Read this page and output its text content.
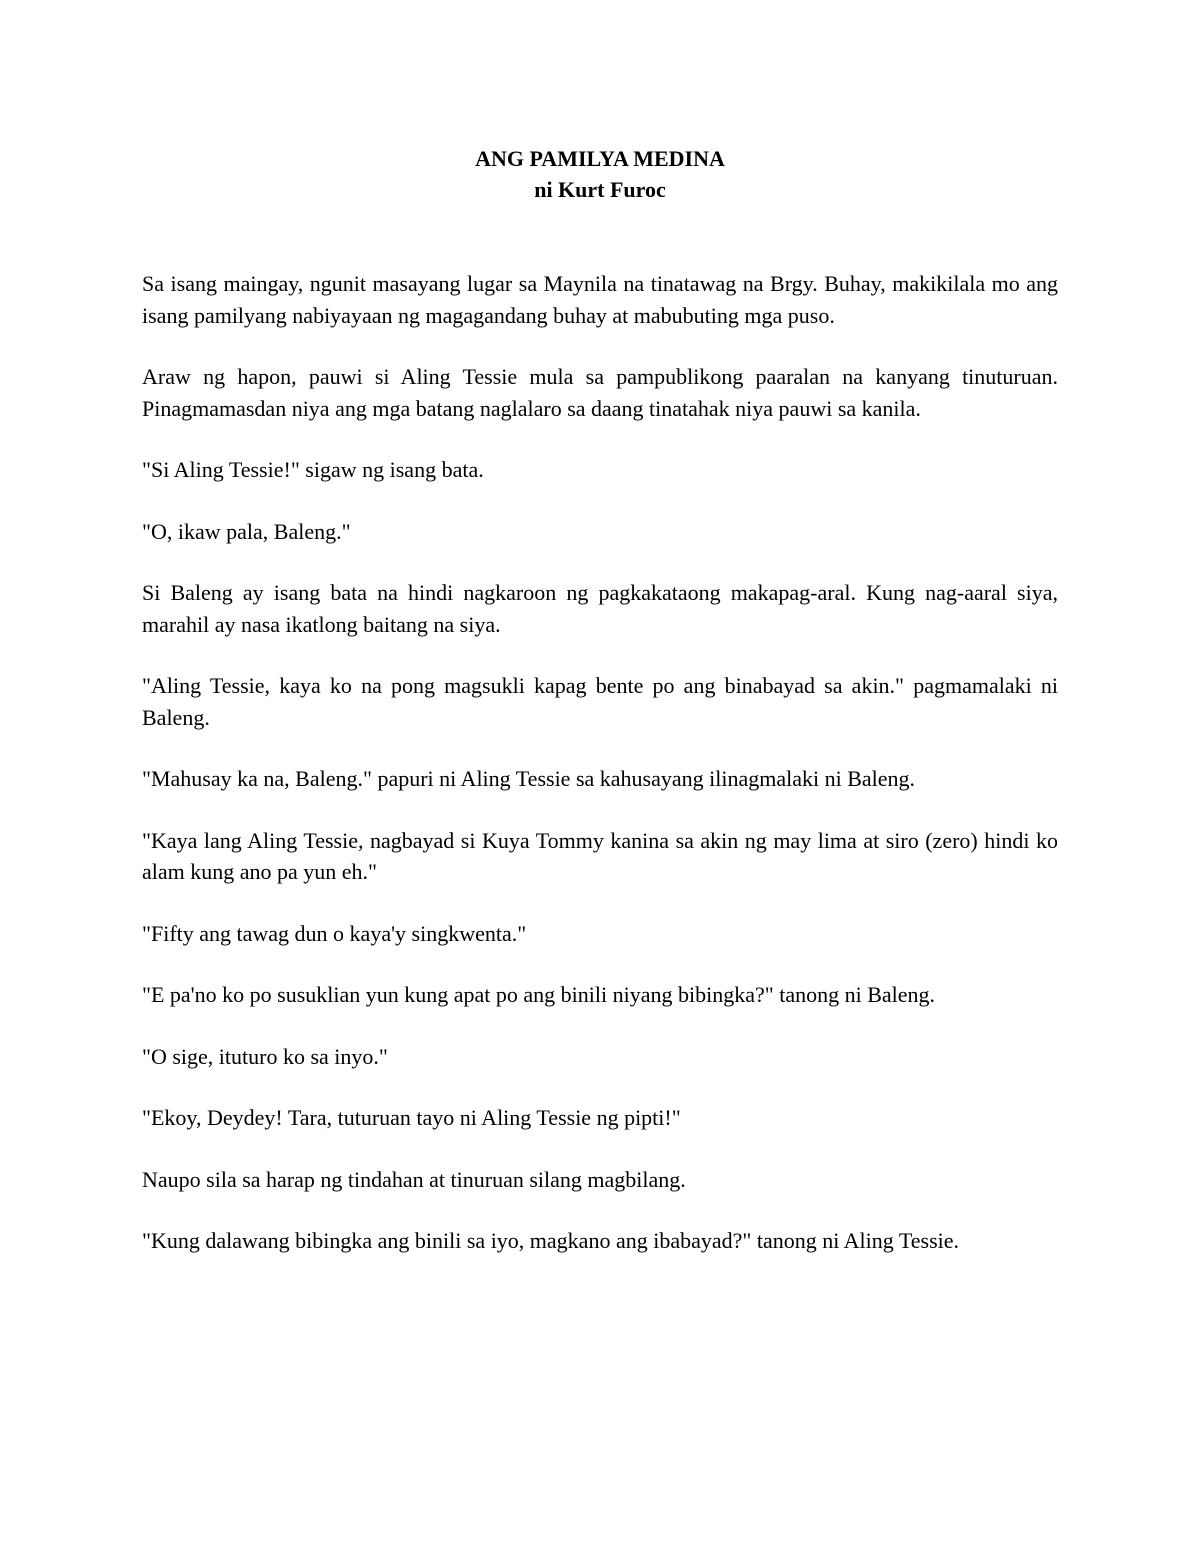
ANG PAMILYA MEDINA
ni Kurt Furoc

Sa isang maingay, ngunit masayang lugar sa Maynila na tinatawag na Brgy. Buhay, makikilala mo ang isang pamilyang nabiyayaan ng magagandang buhay at mabubuting mga puso.

Araw ng hapon, pauwi si Aling Tessie mula sa pampublikong paaralan na kanyang tinuturuan. Pinagmamasdan niya ang mga batang naglalaro sa daang tinatahak niya pauwi sa kanila.

"Si Aling Tessie!" sigaw ng isang bata.

"O, ikaw pala, Baleng."

Si Baleng ay isang bata na hindi nagkaroon ng pagkakataong makapag-aral. Kung nag-aaral siya, marahil ay nasa ikatlong baitang na siya.

"Aling Tessie, kaya ko na pong magsukli kapag bente po ang binabayad sa akin." pagmamalaki ni Baleng.

"Mahusay ka na, Baleng." papuri ni Aling Tessie sa kahusayang ilinagmalaki ni Baleng.

"Kaya lang Aling Tessie, nagbayad si Kuya Tommy kanina sa akin ng may lima at siro (zero) hindi ko alam kung ano pa yun eh."

"Fifty ang tawag dun o kaya'y singkwenta."

"E pa'no ko po susuklian yun kung apat po ang binili niyang bibingka?" tanong ni Baleng.

"O sige, ituturo ko sa inyo."

"Ekoy, Deydey! Tara, tuturuan tayo ni Aling Tessie ng pipti!"

Naupo sila sa harap ng tindahan at tinuruan silang magbilang.

"Kung dalawang bibingka ang binili sa iyo, magkano ang ibabayad?" tanong ni Aling Tessie.
